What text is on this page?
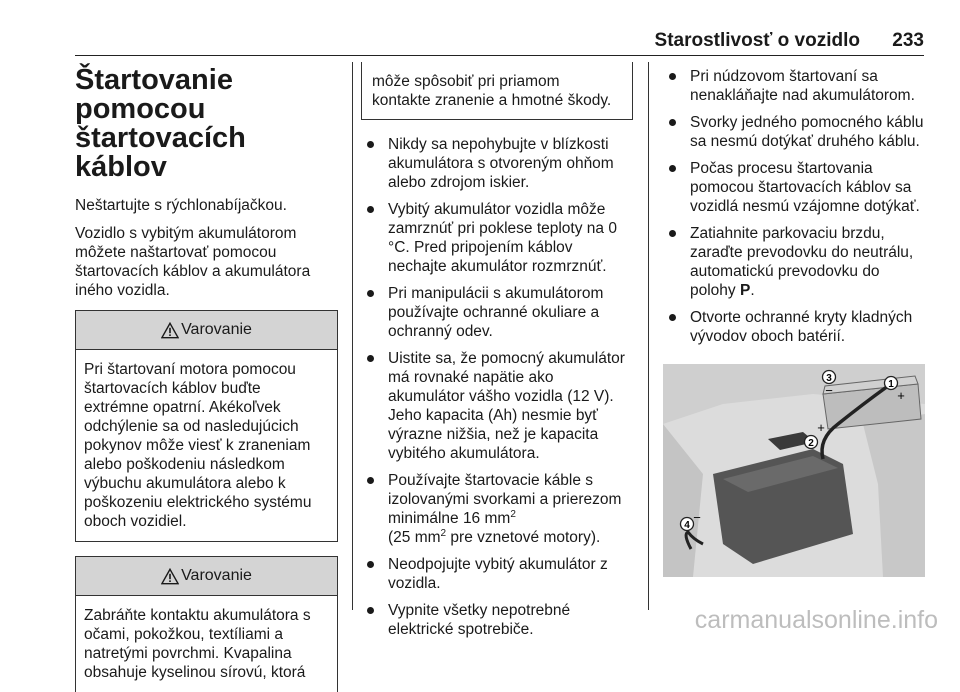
Starostlivosť o vozidlo 233
Štartovanie pomocou
štartovacích káblov

Neštartujte s rýchlonabíjačkou.

Vozidlo s vybitým akumulátorom môžete naštartovať pomocou štartovacích káblov a akumulátora iného vozidla.

Varovanie
Pri štartovaní motora pomocou štartovacích káblov buďte extrémne opatrní. Akékoľvek odchýlenie sa od nasledujúcich pokynov môže viesť k zraneniam alebo poškodeniu následkom výbuchu akumulátora alebo k poškozeniu elektrického systému oboch vozidiel.
Varovanie
Zabráňte kontaktu akumulátora s očami, pokožkou, textíliami a natretými povrchmi. Kvapalina obsahuje kyselinou sírovú, ktorá
môže spôsobiť pri priamom kontakte zranenie a hmotné škody.
Nikdy sa nepohybujte v blízkosti akumulátora s otvoreným ohňom alebo zdrojom iskier.
Vybitý akumulátor vozidla môže zamrznúť pri poklese teploty na 0 °C. Pred pripojením káblov nechajte akumulátor rozmrznúť.
Pri manipulácii s akumulátorom používajte ochranné okuliare a ochranný odev.
Uistite sa, že pomocný akumulátor má rovnaké napätie ako akumulátor vášho vozidla (12 V). Jeho kapacita (Ah) nesmie byť výrazne nižšia, než je kapacita vybitého akumulátora.
Používajte štartovacie káble s izolovanými svorkami a prierezom minimálne 16 $mm^2$
(25 $mm^2$ pre vznetové motory).
Neodpojujte vybitý akumulátor z vozidla.
Vypnite všetky nepotrebné elektrické spotrebiče.
Pri núdzovom štartovaní sa nenakláňajte nad akumulátorom.
Svorky jedného pomocného káblu sa nesmú dotýkať druhého káblu.
Počas procesu štartovania pomocou štartovacích káblov sa vozidlá nesmú vzájomne dotýkať.
Zatiahnite parkovaciu brzdu, zaraďte prevodovku do neutrálu, automatickú prevodovku do polohy P.
Otvorte ochranné kryty kladných vývodov oboch batérií.
1
+
3
−
2
+
4
−
carmanualsonline.info
